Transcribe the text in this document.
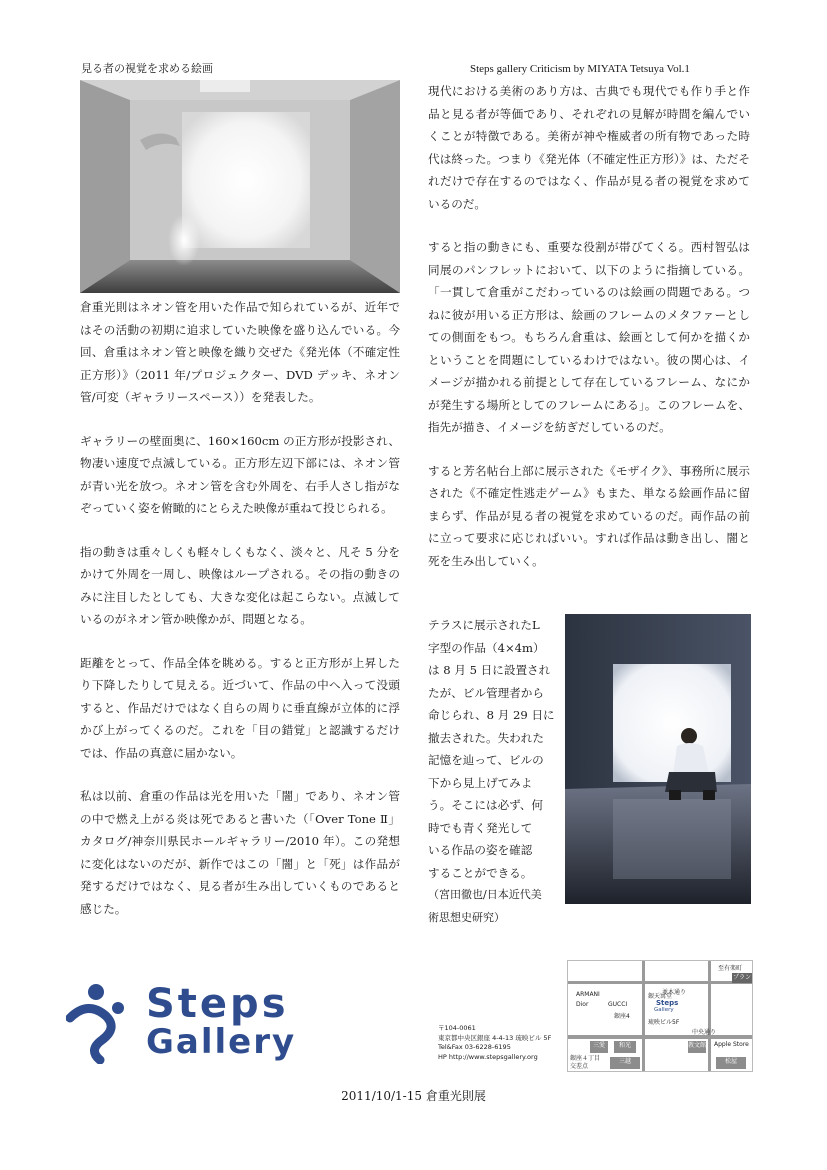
見る者の視覚を求める絵画	Steps gallery Criticism by MIYATA Tetsuya Vol.1

倉重光則はネオン管を用いた作品で知られているが、近年ではその活動の初期に追求していた映像を盛り込んでいる。今回、倉重はネオン管と映像を織り交ぜた《発光体（不確定性正方形）》（2011 年/プロジェクター、DVD デッキ、ネオン管/可変（ギャラリースペース））を発表した。

ギャラリーの壁面奥に、160×160cm の正方形が投影され、物凄い速度で点滅している。正方形左辺下部には、ネオン管が青い光を放つ。ネオン管を含む外周を、右手人さし指がなぞっていく姿を俯瞰的にとらえた映像が重ねて投じられる。

指の動きは重々しくも軽々しくもなく、淡々と、凡そ 5 分をかけて外周を一周し、映像はループされる。その指の動きのみに注目したとしても、大きな変化は起こらない。点滅しているのがネオン管か映像かが、問題となる。

距離をとって、作品全体を眺める。すると正方形が上昇したり下降したりして見える。近づいて、作品の中へ入って没頭すると、作品だけではなく自らの周りに垂直線が立体的に浮かび上がってくるのだ。これを「目の錯覚」と認識するだけでは、作品の真意に届かない。

私は以前、倉重の作品は光を用いた「闇」であり、ネオン管の中で燃え上がる炎は死であると書いた（「Over Tone Ⅱ」カタログ/神奈川県民ホールギャラリー/2010 年）。この発想に変化はないのだが、新作ではこの「闇」と「死」は作品が発するだけではなく、見る者が生み出していくものであると感じた。

現代における美術のあり方は、古典でも現代でも作り手と作品と見る者が等価であり、それぞれの見解が時間を編んでいくことが特徴である。美術が神や権威者の所有物であった時代は終った。つまり《発光体（不確定性正方形）》は、ただそれだけで存在するのではなく、作品が見る者の視覚を求めているのだ。

すると指の動きにも、重要な役割が帯びてくる。西村智弘は同展のパンフレットにおいて、以下のように指摘している。「一貫して倉重がこだわっているのは絵画の問題である。つねに彼が用いる正方形は、絵画のフレームのメタファーとしての側面をもつ。もちろん倉重は、絵画として何かを描くかということを問題にしているわけではない。彼の関心は、イメージが描かれる前提として存在しているフレーム、なにかが発生する場所としてのフレームにある」。このフレームを、指先が描き、イメージを紡ぎだしているのだ。

すると芳名帖台上部に展示された《モザイク》、事務所に展示された《不確定性逃走ゲーム》もまた、単なる絵画作品に留まらず、作品が見る者の視覚を求めているのだ。両作品の前に立って要求に応じればいい。すれば作品は動き出し、闇と死を生み出していく。

テラスに展示されたL
字型の作品（4×4m）
は 8 月 5 日に設置され
たが、ビル管理者から
命じられ、8 月 29 日に
撤去された。失われた
記憶を辿って、ビルの
下から見上げてみよ
う。そこには必ず、何
時でも青く発光して
いる作品の姿を確認
することができる。
（宮田徹也/日本近代美
術思想史研究）
Steps
Gallery	〒104-0061
東京都中央区銀座 4-4-13 琉映ビル 5F
Tel&Fax 03-6228-6195
HP http://www.stepsgallery.org
至有楽町
プランタン
並木通り
ARMANI	銀天寓堂
Dior	GUCCI
銀座4
Steps
Gallery
琉映ビル5F
三愛	和光	教文館 Apple Store
中央通り
銀座４丁目
交差点
三越	松屋
2011/10/1-15 倉重光則展
